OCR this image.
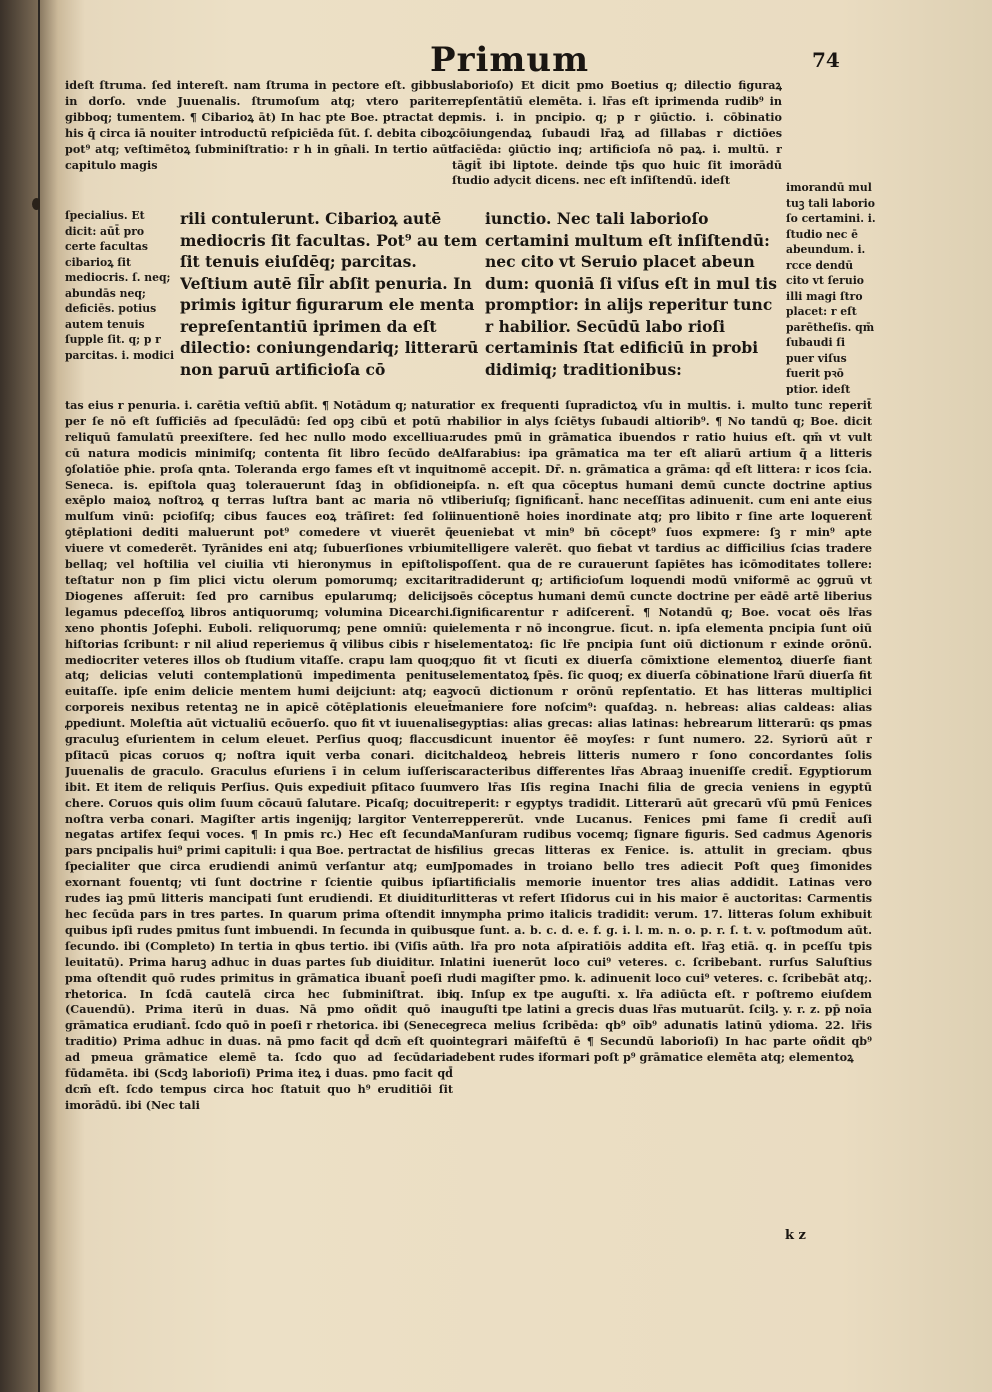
Primum	74
ideſt ſtruma. ſed intereſt. nam ſtruma in pectore eſt. gibbus in dorſo. vnde Juuenalis. ſtrumoſum atq; vtero pariter gibboq; tumentem. ¶ Cibarioꝝ āt) In hac pte Boe. ptractat de his q̄ circa iā nouiter introductū reſpiciēda ſūt. ſ. debita ciboꝝ pot⁹ atq; veſtimētoꝝ ſubminiſtratio: r h in gn̄ali. In tertio aūt capitulo magis
tas eius r penuria. i. carētia veſtiū abſit. ¶ Notādum q; natura per ſe nō eſt ſufficiēs ad ſpeculādū: ſed opꝫ cibū et potū r reliquū famulatū preexiſtere. ſed hec nullo modo excelliua: cū natura modicis minimiſq; contenta ſit libro ſecūdo de ꝯſolatiōe pħie. proſa qnta. Toleranda ergo fames eſt vt inquit Seneca. is. epiſtola quaꝫ tolerauerunt ſdaꝫ in obſidione exēplo maioꝝ noſtroꝝ q terras luſtra bant ac maria nō vt mulſum vinū: pcioſiſq; cibus fauces eoꝝ trāſiret: ſed ſoli ꝯtēplationi dediti maluerunt pot⁹ comedere vt viuerēt q̄ viuere vt comederēt. Tyrānides eni atq; ſubuerſiones vrbium bellaq; vel hoſtilia vel ciuilia vti hieronymus in epiſtolis teſtatur non p ſim plici victu olerum pomorumq; excitari Diogenes aſſeruit: ſed pro carnibus epularumq; delicijs legamus pdeceſſoꝝ libros antiquorumq; volumina Dicearchi. xeno phontis Joſephi. Euboli. reliquorumq; pene omniū: qui hiſtorias ſcribunt: r nil aliud reperiemus q̄ vilibus cibis r his mediocriter veteres illos ob ſtudium vitaſſe. crapu lam quoq; atq; delicias veluti contemplationū impedimenta penitus euitaſſe. ipſe enim delicie mentem humi deijciunt: atq; eaꝫ corporeis nexibus retentaꝫ ne in apicē cōtēplationis eleuet̄ ꝓpediunt. Moleſtia aūt victualiū ecōuerſo. quo fit vt iuuenalis graculuꝫ eſurientem in celum eleuet. Perſius quoq; flaccus pſitacū picas coruos q; noſtra iquit verba conari. dicit Juuenalis de graculo. Graculus eſuriens ī in celum iuſſeris ibit. Et item de reliquis Perſius. Quis expediuit pſitaco ſuum chere. Coruos quis olim ſuum cōcauū ſalutare. Picaſq; docuit noſtra verba conari. Magiſter artis ingenijq; largitor Venter negatas artifex ſequi voces. ¶ In pmis rc.) Hec eſt ſecunda pars pncipalis hui⁹ primi capituli: i qua Boe. pertractat de his ſpecialiter que circa erudiendi animū verſantur atq; eum exornant fouentq; vti ſunt doctrine r ſcientie quibus ipſi rudes iaꝫ pmū litteris mancipati ſunt erudiendi. Et diuiditur hec ſecūda pars in tres partes. In quarum prima oſtendit in quibus ipſi rudes pmitus ſunt imbuendi. In ſecunda in quibus ſecundo. ibi (Completo) In tertia in qbus tertio. ibi (Viſis aūt leuitatū). Prima haruꝫ adhuc in duas partes ſub diuiditur. In pma oſtendit quō rudes primitus in grāmatica ibuant̄ poeſi r rhetorica. In ſcdā cautelā circa hec ſubminiſtrat. ibi (Cauendū). Prima iterū in duas. Nā pmo oñdit quō in grāmatica erudiant̄. ſcdo quō in poeſi r rhetorica. ibi (Senece traditio) Prima adhuc in duas. nā pmo facit qd̄ dcm̄ eſt quo ad pmeua grāmatice elemē ta. ſcdo quo ad ſecūdaria fūdamēta. ibi (Scdꝫ laborioſi) Prima iteꝝ i duas. pmo facit qd̄ dcm̄ eſt. ſcdo tempus circa hoc ſtatuit quo h⁹ eruditiōi ſit imorādū. ibi (Nec tali
ſpecialius. Et dicit: aūt̄ pro certe facultas cibarioꝝ ſit mediocris. ſ. neq; abundās neq; deficiēs. potius autem tenuis ſupple ſit. q; p r parcitas. i. modici
rili contulerunt. Cibarioꝝ autē mediocris ſit facultas. Pot⁹ au tem ſit tenuis eiuſdēq; parcitas. Veſtium autē ſil̄r abſit penuria. In primis igitur figurarum ele menta repreſentantiū iprimen da eſt dilectio: coniungendariq; litterarū non paruū artificioſa cō
laborioſo) Et dicit pmo Boetius q; dilectio figuraꝝ repſentātiū elemēta. i. lr̄as eſt iprimenda rudib⁹ in pmis. i. in pncipio. q; p r ꝯiūctio. i. cōbinatio cōiungendaꝝ ſubaudi lr̄aꝝ ad ſillabas r dictiōes faciēda: ꝯiūctio inq; artificioſa nō paꝝ. i. multū. r tāgit̄ ibi liptote. deinde tp̄s quo huic ſit imorādū ſtudio adycit dicens. nec eſt inſiſtendū. ideſt
tior ex frequenti ſupradictoꝝ vſu in multis. i. multo tunc reperit̄ habilior in alys ſciētys ſubaudi altiorib⁹. ¶ No tandū q; Boe. dicit rudes pmū in grāmatica ibuendos r ratio huius eſt. qm̄ vt vult Alfarabius: ipa grāmatica ma ter eſt aliarū artium q̄ a litteris nomē accepit. Dr̄. n. grāmatica a grāma: qd̄ eſt littera: r icos ſcia. ipſa. n. eſt qua cōceptus humani demū cuncte doctrine aptius liberiuſq; ſignificant̄. hanc neceſſitas adinuenit. cum eni ante eius inuentionē hoies inordinate atq; pro libito r ſine arte loquerent̄ eueniebat vt min⁹ bn̄ cōcept⁹ ſuos expmere: ſꝫ r min⁹ apte itelligere valerēt. quo fiebat vt tardius ac difficilius ſcias tradere poſſent. qua de re curauerunt ſapiētes has icōmoditates tollere: tradiderunt q; artificioſum loquendi modū vniformē ac ꝯgruū vt oēs cōceptus humani demū cuncte doctrine per eādē artē liberius ſignificarentur r adiſcerent̄. ¶ Notandū q; Boe. vocat oēs lr̄as elementa r nō incongrue. ſicut. n. ipſa elementa pncipia ſunt oiū elementatoꝝ: ſic lr̄e pncipia ſunt oiū dictionum r exinde orōnū. quo fit vt ſicuti ex diuerſa cōmixtione elementoꝝ diuerſe fiant elementatoꝝ ſpēs. ſic quoq; ex diuerſa cōbinatione lr̄arū diuerſa fit vocū dictionum r orōnū repſentatio. Et has litteras multiplici maniere fore noſcim⁹: quaſdaꝫ. n. hebreas: alias caldeas: alias egyptias: alias grecas: alias latinas: hebrearum litterarū: qs pmas dicunt inuentor ēē moyſes: r ſunt numero. 22. Syriorū aūt r chaldeoꝝ hebreis litteris numero r ſono concordantes ſolis caracteribus differentes lr̄as Abraaꝫ inueniſſe credit̄. Egyptiorum vero lr̄as Iſis regina Inachi filia de grecia veniens in egyptū reperit: r egyptys tradidit. Litterarū aūt grecarū vſū pmū Fenices reppererūt. vnde Lucanus. Fenices pmi fame ſi credit̄ auſi Manſuram rudibus vocemq; ſignare figuris. Sed cadmus Agenoris filius grecas litteras ex Fenice. is. attulit in greciam. qbus Jpomades in troiano bello tres adiecit Poſt queꝫ ſimonides artificialis memorie inuentor tres alias addidit. Latinas vero litteras vt refert Iſidorus cui in his maior ē auctoritas: Carmentis nympha primo italicis tradidit: verum. 17. litteras ſolum exhibuit que ſunt. a. b. c. d. e. f. g. i. l. m. n. o. p. r. ſ. t. v. poſtmodum aūt. h. lr̄a pro nota aſpiratiōis addita eſt. lr̄aꝫ etiā. q. in pceſſu tpis latini iuenerūt loco cui⁹ veteres. c. ſcribebant. rurſus Saluſtius ludi magiſter pmo. k. adinuenit loco cui⁹ veteres. c. ſcribebāt atq;. q. Inſup ex tpe auguſti. x. lr̄a adiūcta eſt. r poſtremo eiuſdem auguſti tpe latini a grecis duas lr̄as mutuarūt. ſcilꝫ. y. r. z. pp̄ noīa greca melius ſcribēda: qb⁹ oīb⁹ adunatis latinū ydioma. 22. lr̄is integrari māifeſtū ē ¶ Secundū laborioſi) In hac parte oñdit qb⁹ debent rudes iformari poſt p⁹ grāmatice elemēta atq; elementoꝝ
iunctio. Nec tali laborioſo certamini multum eſt inſiſtendū: nec cito vt Seruio placet abeun dum: quoniā ſi viſus eſt in mul tis promptior: in alijs reperitur tunc r habilior. Secūdū labo rioſi certaminis ſtat edificiū in probi didimiq; traditionibus:
imorandū mul tuꝫ tali laborio ſo certamini. i. ſtudio nec ē abeundum. i. rcce dendū cito vt ſeruio illi magi ſtro placet: r eſt parētheſis. qm̄ ſubaudi ſi puer viſus fuerit pꝛō ptior. ideſt
k z
